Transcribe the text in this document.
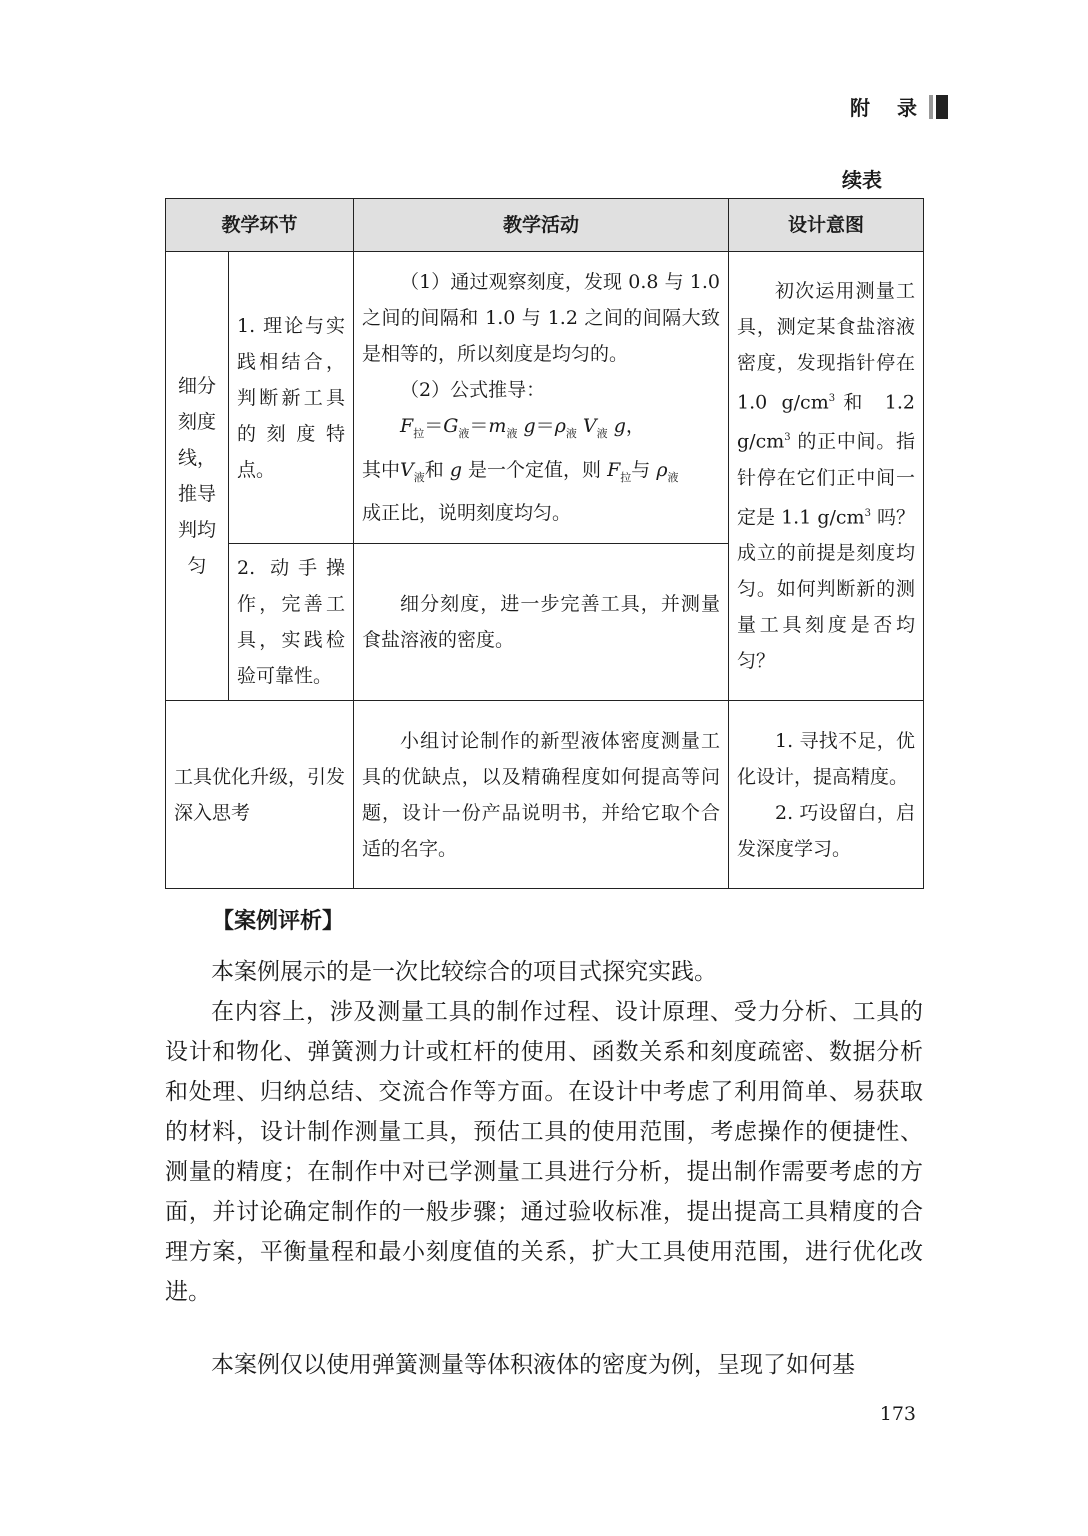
附 录
续表
教学环节		教学活动	设计意图
细分刻度线，推导判均匀	1. 理论与实践相结合，判断新工具的刻度特点。	（1）通过观察刻度，发现 0.8 与 1.0 之间的间隔和 1.0 与 1.2 之间的间隔大致是相等的，所以刻度是均匀的。
（2）公式推导：
$F_拉=G_液=m_液$ $g=\rho_液$ $V_液$ g，
其中$V_液$和 g 是一个定值，则 $F_拉$与 $\rho_液$
成正比，说明刻度均匀。	初次运用测量工具，测定某食盐溶液密度，发现指针停在 1.0 $g/cm^3$和 1.2 $g/cm^3$ 的正中间。指针停在它们正中间一定是 1.1 $g/cm^3$ 吗？成立的前提是刻度均匀。如何判断新的测量工具刻度是否均匀？
	2. 动手操作，完善工具，实践检验可靠性。	细分刻度，进一步完善工具，并测量食盐溶液的密度。	
工具优化升级，引发深入思考		小组讨论制作的新型液体密度测量工具的优缺点，以及精确程度如何提高等问题，设计一份产品说明书，并给它取个合适的名字。	1. 寻找不足，优化设计，提高精度。
2. 巧设留白，启发深度学习。
【案例评析】

本案例展示的是一次比较综合的项目式探究实践。

在内容上，涉及测量工具的制作过程、设计原理、受力分析、工具的设计和物化、弹簧测力计或杠杆的使用、函数关系和刻度疏密、数据分析和处理、归纳总结、交流合作等方面。在设计中考虑了利用简单、易获取的材料，设计制作测量工具，预估工具的使用范围，考虑操作的便捷性、测量的精度；在制作中对已学测量工具进行分析，提出制作需要考虑的方面，并讨论确定制作的一般步骤；通过验收标准，提出提高工具精度的合理方案，平衡量程和最小刻度值的关系，扩大工具使用范围，进行优化改进。

本案例仅以使用弹簧测量等体积液体的密度为例，呈现了如何基

173
